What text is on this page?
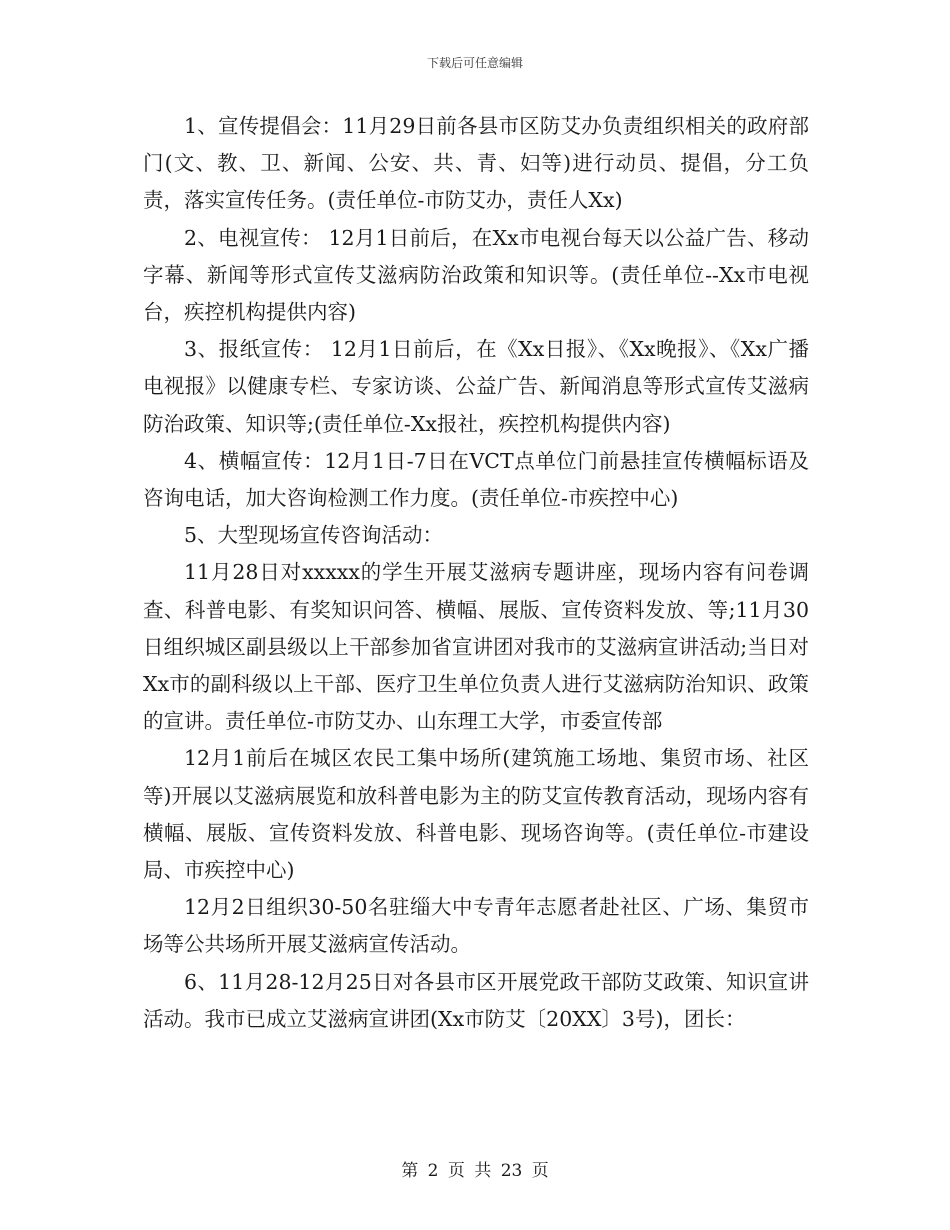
下载后可任意编辑

1、宣传提倡会：11月29日前各县市区防艾办负责组织相关的政府部门(文、教、卫、新闻、公安、共、青、妇等)进行动员、提倡，分工负责，落实宣传任务。(责任单位-市防艾办，责任人Xx)

2、电视宣传： 12月1日前后，在Xx市电视台每天以公益广告、移动字幕、新闻等形式宣传艾滋病防治政策和知识等。(责任单位--Xx市电视台，疾控机构提供内容)

3、报纸宣传： 12月1日前后，在《Xx日报》、《Xx晚报》、《Xx广播电视报》以健康专栏、专家访谈、公益广告、新闻消息等形式宣传艾滋病防治政策、知识等;(责任单位-Xx报社，疾控机构提供内容)

4、横幅宣传：12月1日-7日在VCT点单位门前悬挂宣传横幅标语及咨询电话，加大咨询检测工作力度。(责任单位-市疾控中心)

5、大型现场宣传咨询活动：

11月28日对xxxxx的学生开展艾滋病专题讲座，现场内容有问卷调查、科普电影、有奖知识问答、横幅、展版、宣传资料发放、等;11月30日组织城区副县级以上干部参加省宣讲团对我市的艾滋病宣讲活动;当日对Xx市的副科级以上干部、医疗卫生单位负责人进行艾滋病防治知识、政策的宣讲。责任单位-市防艾办、山东理工大学，市委宣传部

12月1前后在城区农民工集中场所(建筑施工场地、集贸市场、社区等)开展以艾滋病展览和放科普电影为主的防艾宣传教育活动，现场内容有横幅、展版、宣传资料发放、科普电影、现场咨询等。(责任单位-市建设局、市疾控中心)

12月2日组织30-50名驻缁大中专青年志愿者赴社区、广场、集贸市场等公共场所开展艾滋病宣传活动。

6、11月28-12月25日对各县市区开展党政干部防艾政策、知识宣讲活动。我市已成立艾滋病宣讲团(Xx市防艾〔20XX〕3号)，团长：

第 2 页 共 23 页
